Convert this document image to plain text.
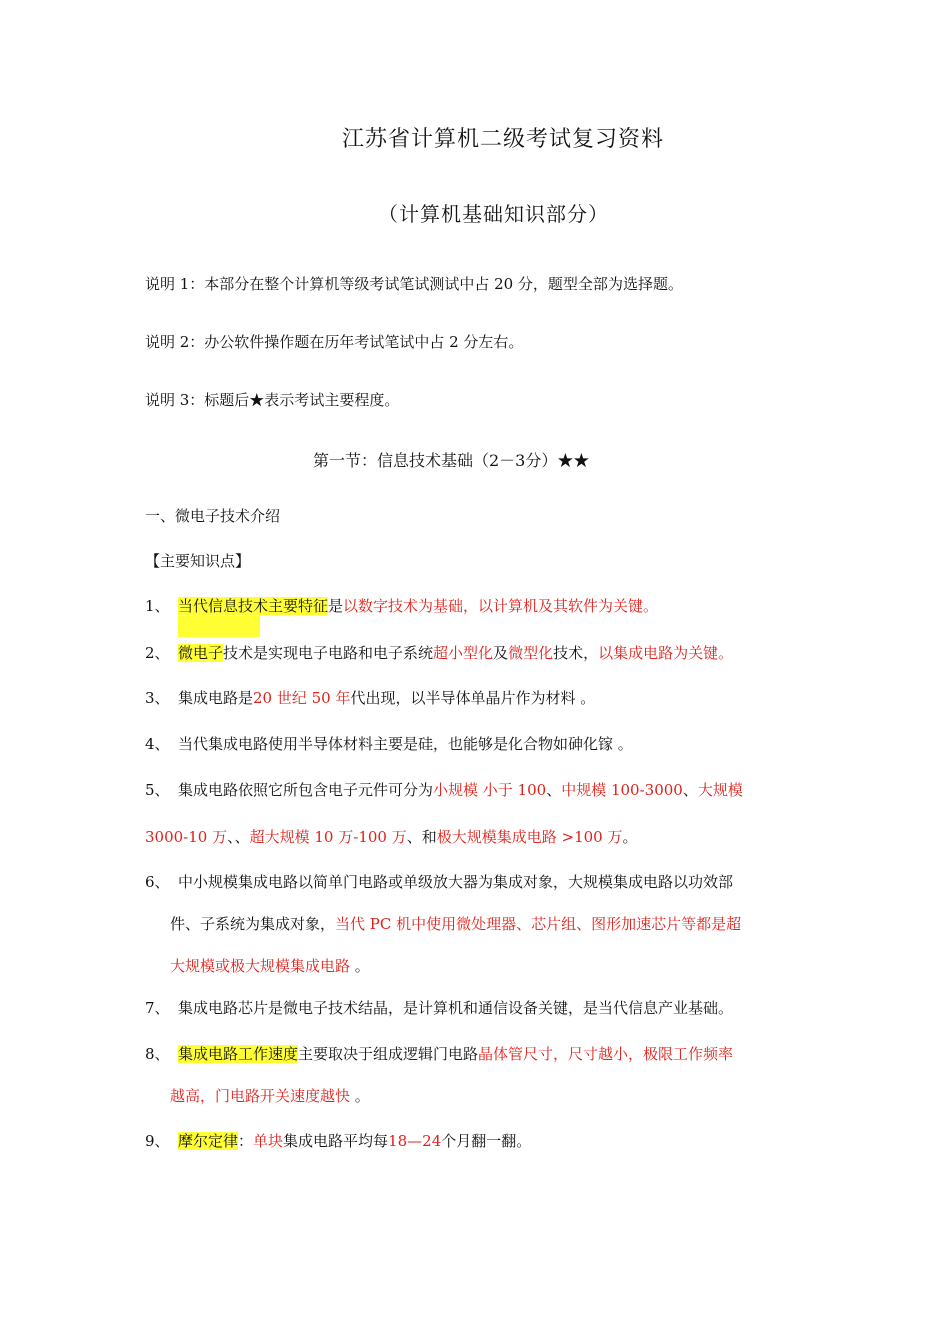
江苏省计算机二级考试复习资料
（计算机基础知识部分）
说明 1：本部分在整个计算机等级考试笔试测试中占 20 分，题型全部为选择题。
说明 2：办公软件操作题在历年考试笔试中占 2 分左右。
说明 3：标题后★表示考试主要程度。
第一节：信息技术基础（2－3分）★★
一、微电子技术介绍
【主要知识点】
1、 当代信息技术主要特征是以数字技术为基础，以计算机及其软件为关键。
2、 微电子技术是实现电子电路和电子系统超小型化及微型化技术，以集成电路为关键。
3、 集成电路是20 世纪 50 年代出现，以半导体单晶片作为材料 。
4、 当代集成电路使用半导体材料主要是硅，也能够是化合物如砷化镓 。
5、 集成电路依照它所包含电子元件可分为小规模 小于 100、中规模 100-3000、大规模
3000-10 万、、超大规模 10 万-100 万、和极大规模集成电路 >100 万。
6、 中小规模集成电路以简单门电路或单级放大器为集成对象，大规模集成电路以功效部
件、子系统为集成对象，当代 PC 机中使用微处理器、芯片组、图形加速芯片等都是超
大规模或极大规模集成电路 。
7、 集成电路芯片是微电子技术结晶，是计算机和通信设备关键，是当代信息产业基础。
8、 集成电路工作速度主要取决于组成逻辑门电路晶体管尺寸，尺寸越小，极限工作频率
越高，门电路开关速度越快 。
9、 摩尔定律：单块集成电路平均每18—24个月翻一翻。
